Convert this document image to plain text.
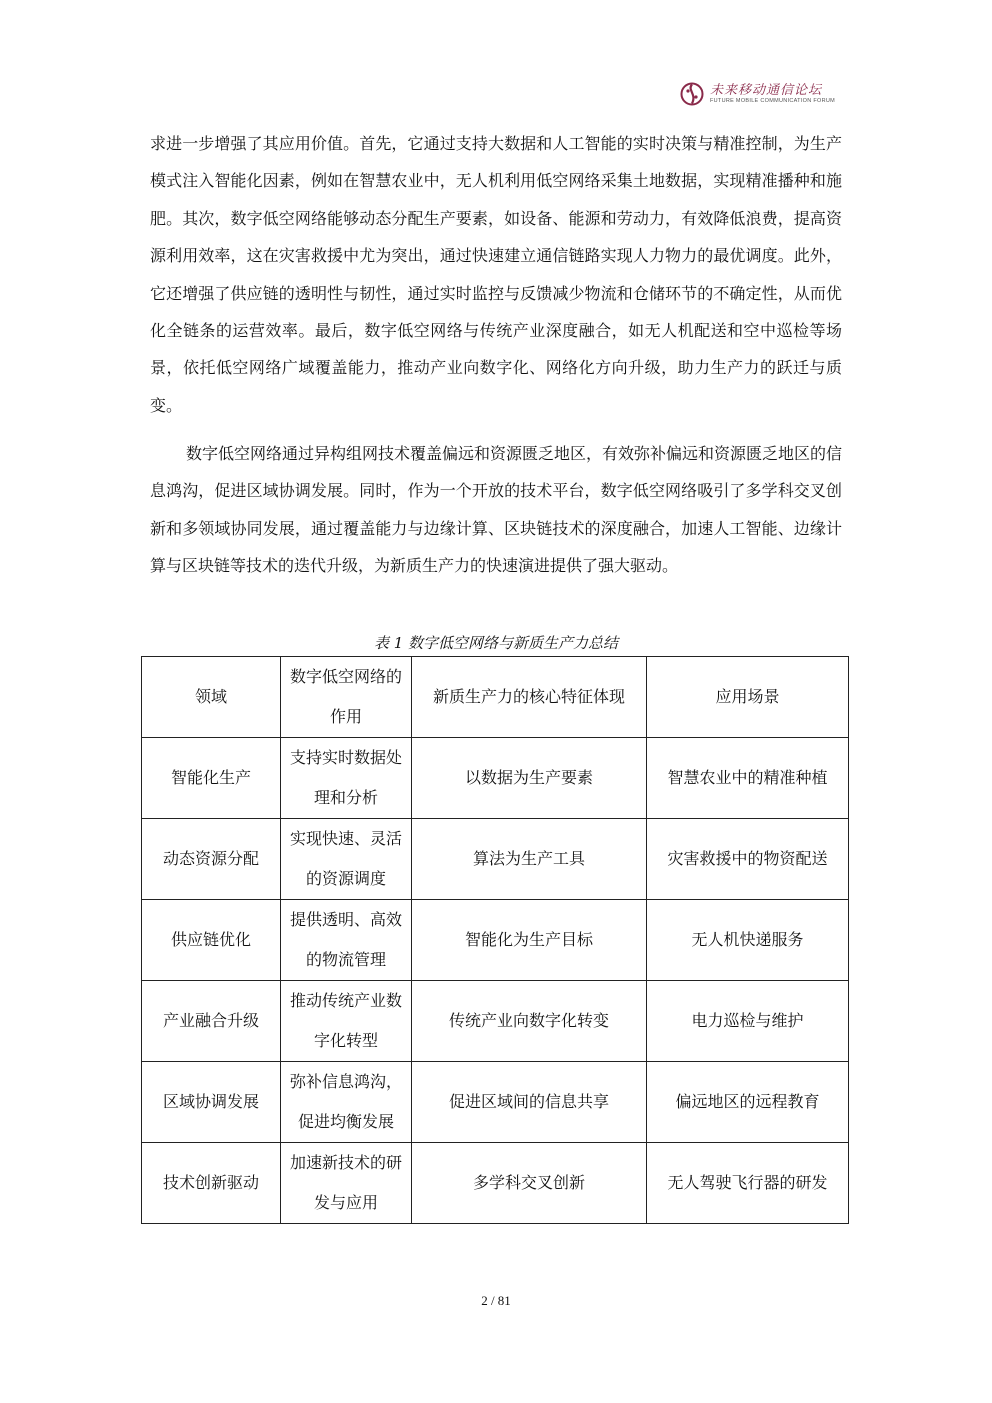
未来移动通信论坛
FUTURE MOBILE COMMUNICATION FORUM

求进一步增强了其应用价值。首先，它通过支持大数据和人工智能的实时决策与精准控制，为生产模式注入智能化因素，例如在智慧农业中，无人机利用低空网络采集土地数据，实现精准播种和施肥。其次，数字低空网络能够动态分配生产要素，如设备、能源和劳动力，有效降低浪费，提高资源利用效率，这在灾害救援中尤为突出，通过快速建立通信链路实现人力物力的最优调度。此外，它还增强了供应链的透明性与韧性，通过实时监控与反馈减少物流和仓储环节的不确定性，从而优化全链条的运营效率。最后，数字低空网络与传统产业深度融合，如无人机配送和空中巡检等场景，依托低空网络广域覆盖能力，推动产业向数字化、网络化方向升级，助力生产力的跃迁与质变。

数字低空网络通过异构组网技术覆盖偏远和资源匮乏地区，有效弥补偏远和资源匮乏地区的信息鸿沟，促进区域协调发展。同时，作为一个开放的技术平台，数字低空网络吸引了多学科交叉创新和多领域协同发展，通过覆盖能力与边缘计算、区块链技术的深度融合，加速人工智能、边缘计算与区块链等技术的迭代升级，为新质生产力的快速演进提供了强大驱动。

表 1 数字低空网络与新质生产力总结
领域	数字低空网络的作用	新质生产力的核心特征体现	应用场景
智能化生产	支持实时数据处理和分析	以数据为生产要素	智慧农业中的精准种植
动态资源分配	实现快速、灵活的资源调度	算法为生产工具	灾害救援中的物资配送
供应链优化	提供透明、高效的物流管理	智能化为生产目标	无人机快递服务
产业融合升级	推动传统产业数字化转型	传统产业向数字化转变	电力巡检与维护
区域协调发展	弥补信息鸿沟，促进均衡发展	促进区域间的信息共享	偏远地区的远程教育
技术创新驱动	加速新技术的研发与应用	多学科交叉创新	无人驾驶飞行器的研发
2 / 81
